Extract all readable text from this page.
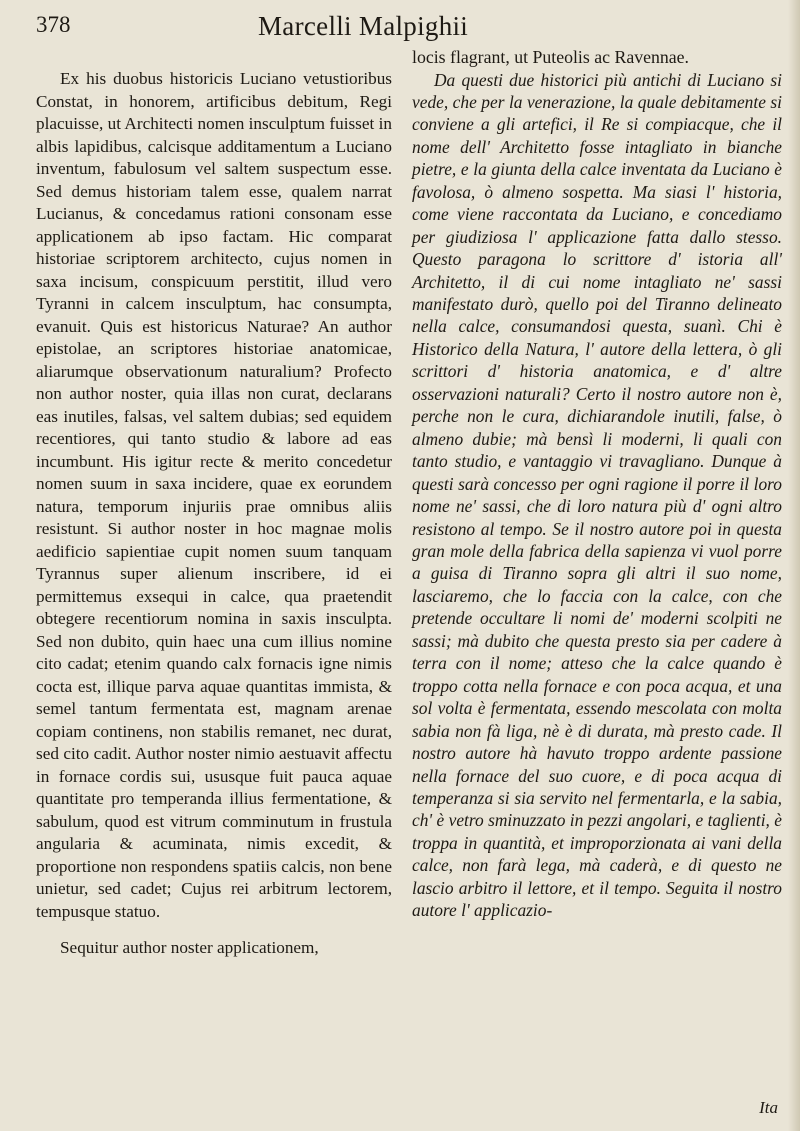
378	Marcelli Malpighii

Ex his duobus historicis Luciano vetustioribus Constat, in honorem, artificibus debitum, Regi placuisse, ut Architecti nomen insculptum fuisset in albis lapidibus, calcisque additamentum a Luciano inventum, fabulosum vel saltem suspectum esse. Sed demus historiam talem esse, qualem narrat Lucianus, & concedamus rationi consonam esse applicationem ab ipso factam. Hic comparat historiae scriptorem architecto, cujus nomen in saxa incisum, conspicuum perstitit, illud vero Tyranni in calcem insculptum, hac consumpta, evanuit. Quis est historicus Naturae? An author epistolae, an scriptores historiae anatomicae, aliarumque observationum naturalium? Profecto non author noster, quia illas non curat, declarans eas inutiles, falsas, vel saltem dubias; sed equidem recentiores, qui tanto studio & labore ad eas incumbunt. His igitur recte & merito concedetur nomen suum in saxa incidere, quae ex eorundem natura, temporum injuriis prae omnibus aliis resistunt. Si author noster in hoc magnae molis aedificio sapientiae cupit nomen suum tanquam Tyrannus super alienum inscribere, id ei permittemus exsequi in calce, qua praetendit obtegere recentiorum nomina in saxis insculpta. Sed non dubito, quin haec una cum illius nomine cito cadat; etenim quando calx fornacis igne nimis cocta est, illique parva aquae quantitas immista, & semel tantum fermentata est, magnam arenae copiam continens, non stabilis remanet, nec durat, sed cito cadit. Author noster nimio aestuavit affectu in fornace cordis sui, ususque fuit pauca aquae quantitate pro temperanda illius fermentatione, & sabulum, quod est vitrum comminutum in frustula angularia & acuminata, nimis excedit, & proportione non respondens spatiis calcis, non bene unietur, sed cadet; Cujus rei arbitrum lectorem, tempusque statuo.

Sequitur author noster applicationem,

locis flagrant, ut Puteolis ac Ravennae.

Da questi due historici più antichi di Luciano si vede, che per la venerazione, la quale debitamente si conviene a gli artefici, il Re si compiacque, che il nome dell' Architetto fosse intagliato in bianche pietre, e la giunta della calce inventata da Luciano è favolosa, ò almeno sospetta. Ma siasi l' historia, come viene raccontata da Luciano, e concediamo per giudiziosa l' applicazione fatta dallo stesso. Questo paragona lo scrittore d' istoria all' Architetto, il di cui nome intagliato ne' sassi manifestato durò, quello poi del Tiranno delineato nella calce, consumandosi questa, suanì. Chi è Historico della Natura, l' autore della lettera, ò gli scrittori d' historia anatomica, e d' altre osservazioni naturali? Certo il nostro autore non è, perche non le cura, dichiarandole inutili, false, ò almeno dubie; mà bensì li moderni, li quali con tanto studio, e vantaggio vi travagliano. Dunque à questi sarà concesso per ogni ragione il porre il loro nome ne' sassi, che di loro natura più d' ogni altro resistono al tempo. Se il nostro autore poi in questa gran mole della fabrica della sapienza vi vuol porre a guisa di Tiranno sopra gli altri il suo nome, lasciaremo, che lo faccia con la calce, con che pretende occultare li nomi de' moderni scolpiti ne sassi; mà dubito che questa presto sia per cadere à terra con il nome; atteso che la calce quando è troppo cotta nella fornace e con poca acqua, et una sol volta è fermentata, essendo mescolata con molta sabia non fà liga, nè è di durata, mà presto cade. Il nostro autore hà havuto troppo ardente passione nella fornace del suo cuore, e di poca acqua di temperanza si sia servito nel fermentarla, e la sabia, ch' è vetro sminuzzato in pezzi angolari, e taglienti, è troppa in quantità, et improporzionata ai vani della calce, non farà lega, mà caderà, e di questo ne lascio arbitro il lettore, et il tempo. Seguita il nostro autore l' applicazio-

Ita
